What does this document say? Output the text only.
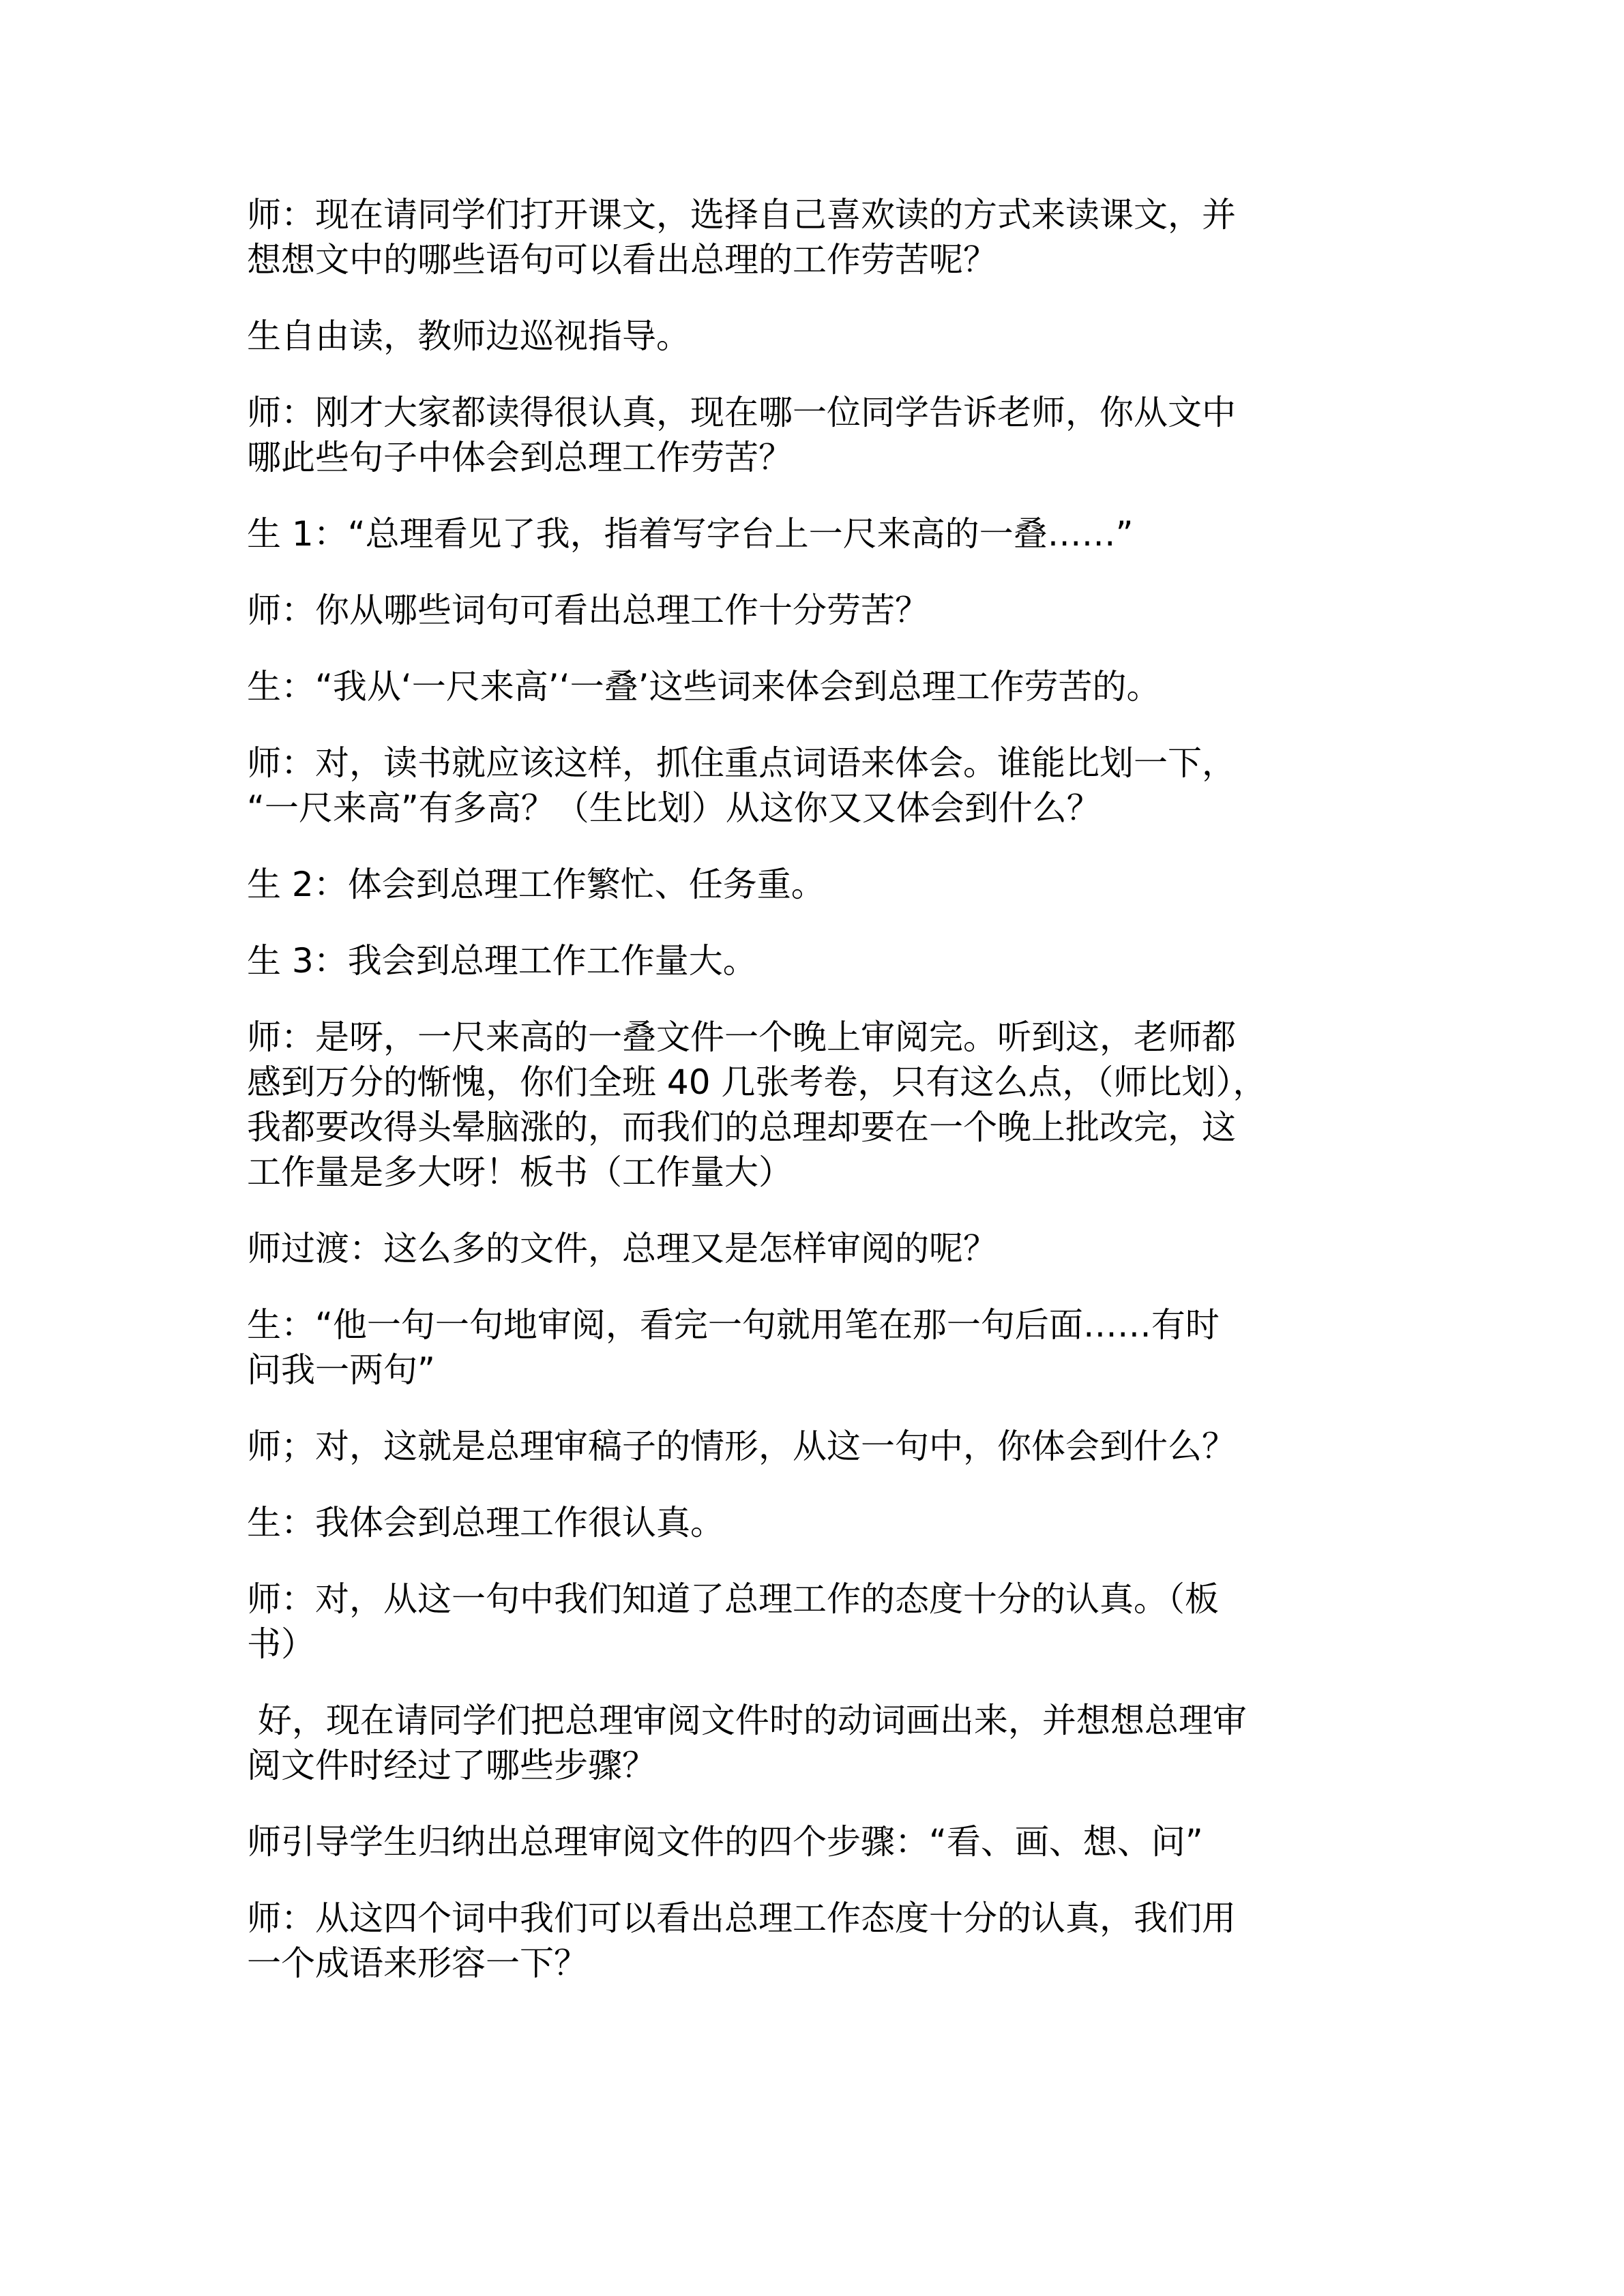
师：现在请同学们打开课文，选择自己喜欢读的方式来读课文，并
想想文中的哪些语句可以看出总理的工作劳苦呢？

生自由读，教师边巡视指导。

师：刚才大家都读得很认真，现在哪一位同学告诉老师，你从文中
哪此些句子中体会到总理工作劳苦？

生 1：“总理看见了我，指着写字台上一尺来高的一叠……”

师：你从哪些词句可看出总理工作十分劳苦？

生：“我从‘一尺来高’‘一叠’这些词来体会到总理工作劳苦的。

师：对，读书就应该这样，抓住重点词语来体会。谁能比划一下，
“一尺来高”有多高？（生比划）从这你又又体会到什么？

生 2：体会到总理工作繁忙、任务重。

生 3：我会到总理工作工作量大。

师：是呀，一尺来高的一叠文件一个晚上审阅完。听到这，老师都
感到万分的惭愧，你们全班 40 几张考卷，只有这么点，（师比划），
我都要改得头晕脑涨的，而我们的总理却要在一个晚上批改完，这
工作量是多大呀！板书（工作量大）

师过渡：这么多的文件，总理又是怎样审阅的呢？

生：“他一句一句地审阅，看完一句就用笔在那一句后面……有时
问我一两句”

师；对，这就是总理审稿子的情形，从这一句中，你体会到什么？

生：我体会到总理工作很认真。

师：对，从这一句中我们知道了总理工作的态度十分的认真。（板
书）

好，现在请同学们把总理审阅文件时的动词画出来，并想想总理审
阅文件时经过了哪些步骤？

师引导学生归纳出总理审阅文件的四个步骤：“看、画、想、问”

师：从这四个词中我们可以看出总理工作态度十分的认真，我们用
一个成语来形容一下？
